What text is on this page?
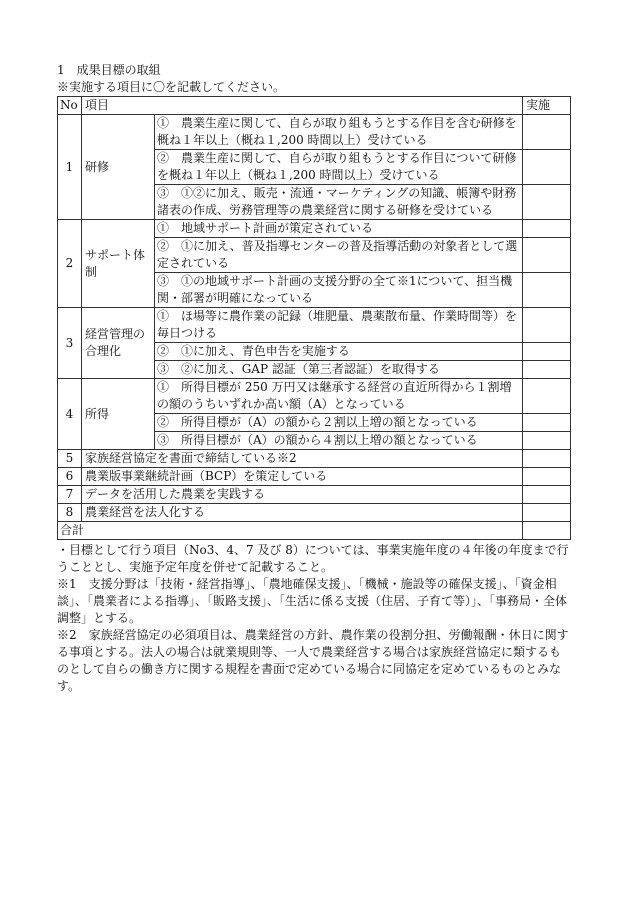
1　成果目標の取組
※実施する項目に〇を記載してください。
No	項目		実施
1	研修	①　農業生産に関して、自らが取り組もうとする作目を含む研修を概ね１年以上（概ね１,200 時間以上）受けている	
		②　農業生産に関して、自らが取り組もうとする作目について研修を概ね１年以上（概ね１,200 時間以上）受けている	
		③　①②に加え、販売・流通・マーケティングの知識、帳簿や財務諸表の作成、労務管理等の農業経営に関する研修を受けている	
2	サポート体制	①　地域サポート計画が策定されている	
		②　①に加え、普及指導センターの普及指導活動の対象者として選定されている	
		③　①の地域サポート計画の支援分野の全て※1について、担当機関・部署が明確になっている	
3	経営管理の合理化	①　ほ場等に農作業の記録（堆肥量、農薬散布量、作業時間等）を毎日つける	
		②　①に加え、青色申告を実施する	
		③　②に加え、GAP 認証（第三者認証）を取得する	
4	所得	①　所得目標が 250 万円又は継承する経営の直近所得から１割増の額のうちいずれか高い額（A）となっている	
		②　所得目標が（A）の額から２割以上増の額となっている	
		③　所得目標が（A）の額から４割以上増の額となっている	
5	家族経営協定を書面で締結している※2		
6	農業版事業継続計画（BCP）を策定している		
7	データを活用した農業を実践する		
8	農業経営を法人化する		
合計			

・目標として行う項目（No3、4、7 及び 8）については、事業実施年度の４年後の年度まで行うこととし、実施予定年度を併せて記載すること。

※1　支援分野は「技術・経営指導」、「農地確保支援」、「機械・施設等の確保支援」、「資金相談」、「農業者による指導」、「販路支援」、「生活に係る支援（住居、子育て等）」、「事務局・全体調整」とする。

※2　家族経営協定の必須項目は、農業経営の方針、農作業の役割分担、労働報酬・休日に関する事項とする。法人の場合は就業規則等、一人で農業経営する場合は家族経営協定に類するものとして自らの働き方に関する規程を書面で定めている場合に同協定を定めているものとみなす。
